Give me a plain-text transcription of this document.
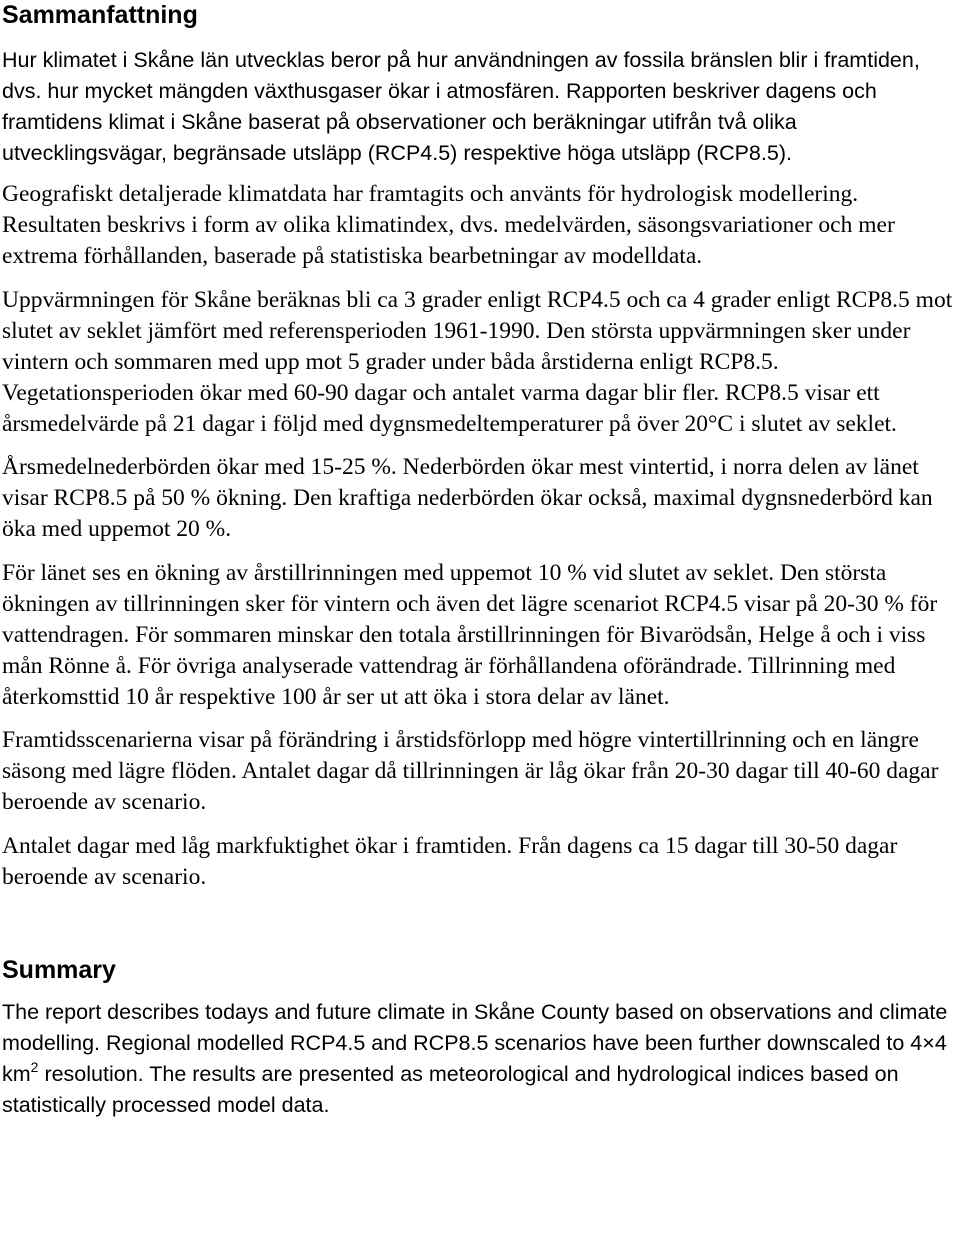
Sammanfattning

Hur klimatet i Skåne län utvecklas beror på hur användningen av fossila bränslen blir i framtiden, dvs. hur mycket mängden växthusgaser ökar i atmosfären. Rapporten beskriver dagens och framtidens klimat i Skåne baserat på observationer och beräkningar utifrån två olika utvecklingsvägar, begränsade utsläpp (RCP4.5) respektive höga utsläpp (RCP8.5).

Geografiskt detaljerade klimatdata har framtagits och använts för hydrologisk modellering. Resultaten beskrivs i form av olika klimatindex, dvs. medelvärden, säsongsvariationer och mer extrema förhållanden, baserade på statistiska bearbetningar av modelldata.

Uppvärmningen för Skåne beräknas bli ca 3 grader enligt RCP4.5 och ca 4 grader enligt RCP8.5 mot slutet av seklet jämfört med referensperioden 1961-1990. Den största uppvärmningen sker under vintern och sommaren med upp mot 5 grader under båda årstiderna enligt RCP8.5. Vegetationsperioden ökar med 60-90 dagar och antalet varma dagar blir fler. RCP8.5 visar ett årsmedelvärde på 21 dagar i följd med dygnsmedeltemperaturer på över 20°C i slutet av seklet.

Årsmedelnederbörden ökar med 15-25 %. Nederbörden ökar mest vintertid, i norra delen av länet visar RCP8.5 på 50 % ökning. Den kraftiga nederbörden ökar också, maximal dygnsnederbörd kan öka med uppemot 20 %.

För länet ses en ökning av årstillrinningen med uppemot 10 % vid slutet av seklet. Den största ökningen av tillrinningen sker för vintern och även det lägre scenariot RCP4.5 visar på 20-30 % för vattendragen. För sommaren minskar den totala årstillrinningen för Bivarödsån, Helge å och i viss mån Rönne å. För övriga analyserade vattendrag är förhållandena oförändrade. Tillrinning med återkomsttid 10 år respektive 100 år ser ut att öka i stora delar av länet.

Framtidsscenarierna visar på förändring i årstidsförlopp med högre vintertillrinning och en längre säsong med lägre flöden. Antalet dagar då tillrinningen är låg ökar från 20-30 dagar till 40-60 dagar beroende av scenario.

Antalet dagar med låg markfuktighet ökar i framtiden. Från dagens ca 15 dagar till 30-50 dagar beroende av scenario.

Summary

The report describes todays and future climate in Skåne County based on observations and climate modelling. Regional modelled RCP4.5 and RCP8.5 scenarios have been further downscaled to 4×4 $km^2$ resolution. The results are presented as meteorological and hydrological indices based on statistically processed model data.
